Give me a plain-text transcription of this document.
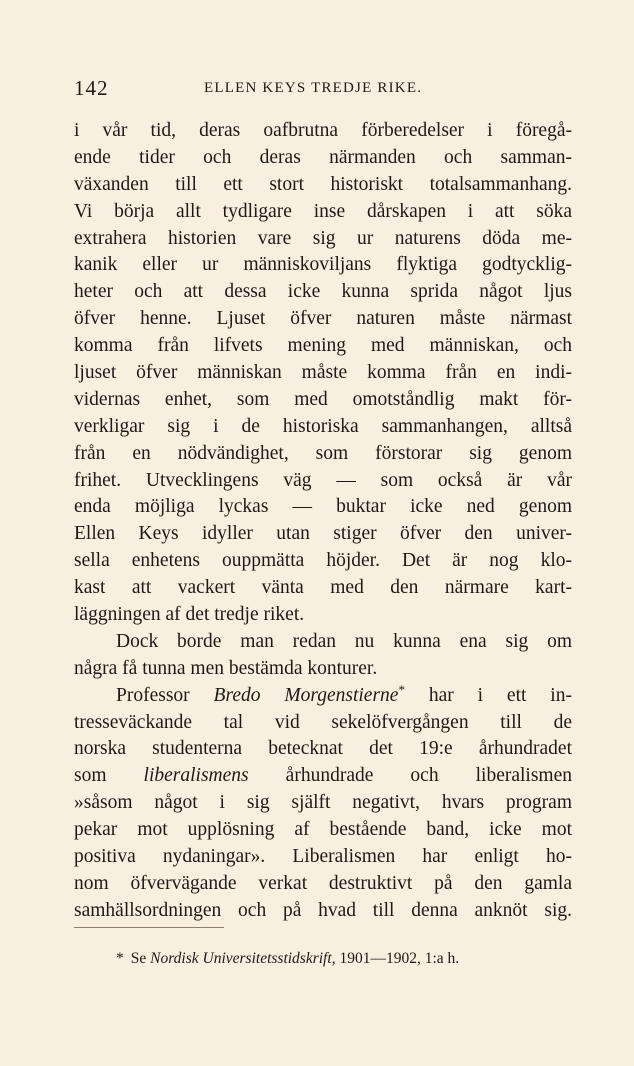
142	ELLEN KEYS TREDJE RIKE.
i vår tid, deras oafbrutna förberedelser i föregå-
ende tider och deras närmanden och samman-
växanden till ett stort historiskt totalsammanhang.
Vi börja allt tydligare inse dårskapen i att söka
extrahera historien vare sig ur naturens döda me-
kanik eller ur människoviljans flyktiga godtycklig-
heter och att dessa icke kunna sprida något ljus
öfver henne. Ljuset öfver naturen måste närmast
komma från lifvets mening med människan, och
ljuset öfver människan måste komma från en indi-
vidernas enhet, som med omotståndlig makt för-
verkligar sig i de historiska sammanhangen, alltså
från en nödvändighet, som förstorar sig genom
frihet. Utvecklingens väg — som också är vår
enda möjliga lyckas — buktar icke ned genom
Ellen Keys idyller utan stiger öfver den univer-
sella enhetens ouppmätta höjder. Det är nog klo-
kast att vackert vänta med den närmare kart-
läggningen af det tredje riket.
Dock borde man redan nu kunna ena sig om
några få tunna men bestämda konturer.
Professor Bredo Morgenstierne* har i ett in-
tresseväckande tal vid sekelöfvergången till de
norska studenterna betecknat det 19:e århundradet
som liberalismens århundrade och liberalismen
»såsom något i sig själft negativt, hvars program
pekar mot upplösning af bestående band, icke mot
positiva nydaningar». Liberalismen har enligt ho-
nom öfvervägande verkat destruktivt på den gamla
samhällsordningen och på hvad till denna anknöt sig.
* Se Nordisk Universitetsstidskrift, 1901—1902, 1:a h.
